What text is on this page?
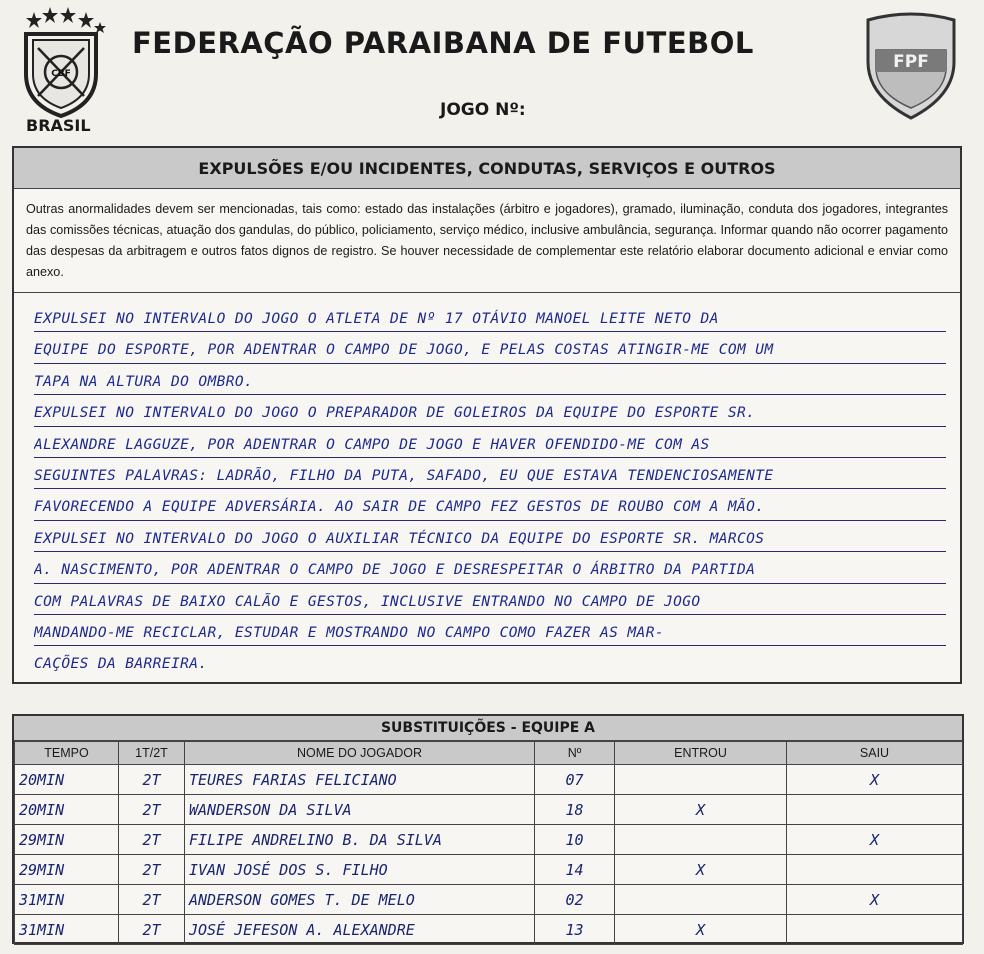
CBF
BRASIL
FEDERAÇÃO PARAIBANA DE FUTEBOL
FPF
JOGO Nº:
EXPULSÕES E/OU INCIDENTES, CONDUTAS, SERVIÇOS E OUTROS
Outras anormalidades devem ser mencionadas, tais como: estado das instalações (árbitro e jogadores), gramado, iluminação, conduta dos jogadores, integrantes das comissões técnicas, atuação dos gandulas, do público, policiamento, serviço médico, inclusive ambulância, segurança. Informar quando não ocorrer pagamento das despesas da arbitragem e outros fatos dignos de registro. Se houver necessidade de complementar este relatório elaborar documento adicional e enviar como anexo.
EXPULSEI NO INTERVALO DO JOGO O ATLETA DE Nº 17 OTÁVIO MANOEL LEITE NETO DA
EQUIPE DO ESPORTE, POR ADENTRAR O CAMPO DE JOGO, E PELAS COSTAS ATINGIR-ME COM UM
TAPA NA ALTURA DO OMBRO.
EXPULSEI NO INTERVALO DO JOGO O PREPARADOR DE GOLEIROS DA EQUIPE DO ESPORTE SR.
ALEXANDRE LAGGUZE, POR ADENTRAR O CAMPO DE JOGO E HAVER OFENDIDO-ME COM AS
SEGUINTES PALAVRAS: LADRÃO, FILHO DA PUTA, SAFADO, EU QUE ESTAVA TENDENCIOSAMENTE
FAVORECENDO A EQUIPE ADVERSÁRIA. AO SAIR DE CAMPO FEZ GESTOS DE ROUBO COM A MÃO.
EXPULSEI NO INTERVALO DO JOGO O AUXILIAR TÉCNICO DA EQUIPE DO ESPORTE SR. MARCOS
A. NASCIMENTO, POR ADENTRAR O CAMPO DE JOGO E DESRESPEITAR O ÁRBITRO DA PARTIDA
COM PALAVRAS DE BAIXO CALÃO E GESTOS, INCLUSIVE ENTRANDO NO CAMPO DE JOGO
MANDANDO-ME RECICLAR, ESTUDAR E MOSTRANDO NO CAMPO COMO FAZER AS MAR-
CAÇÕES DA BARREIRA.
SUBSTITUIÇÕES - EQUIPE A
TEMPO	1T/2T	NOME DO JOGADOR	Nº	ENTROU	SAIU
20MIN	2T	TEURES FARIAS FELICIANO	07		X
20MIN	2T	WANDERSON DA SILVA	18	X	
29MIN	2T	FILIPE ANDRELINO B. DA SILVA	10		X
29MIN	2T	IVAN JOSÉ DOS S. FILHO	14	X	
31MIN	2T	ANDERSON GOMES T. DE MELO	02		X
31MIN	2T	JOSÉ JEFESON A. ALEXANDRE	13	X	
